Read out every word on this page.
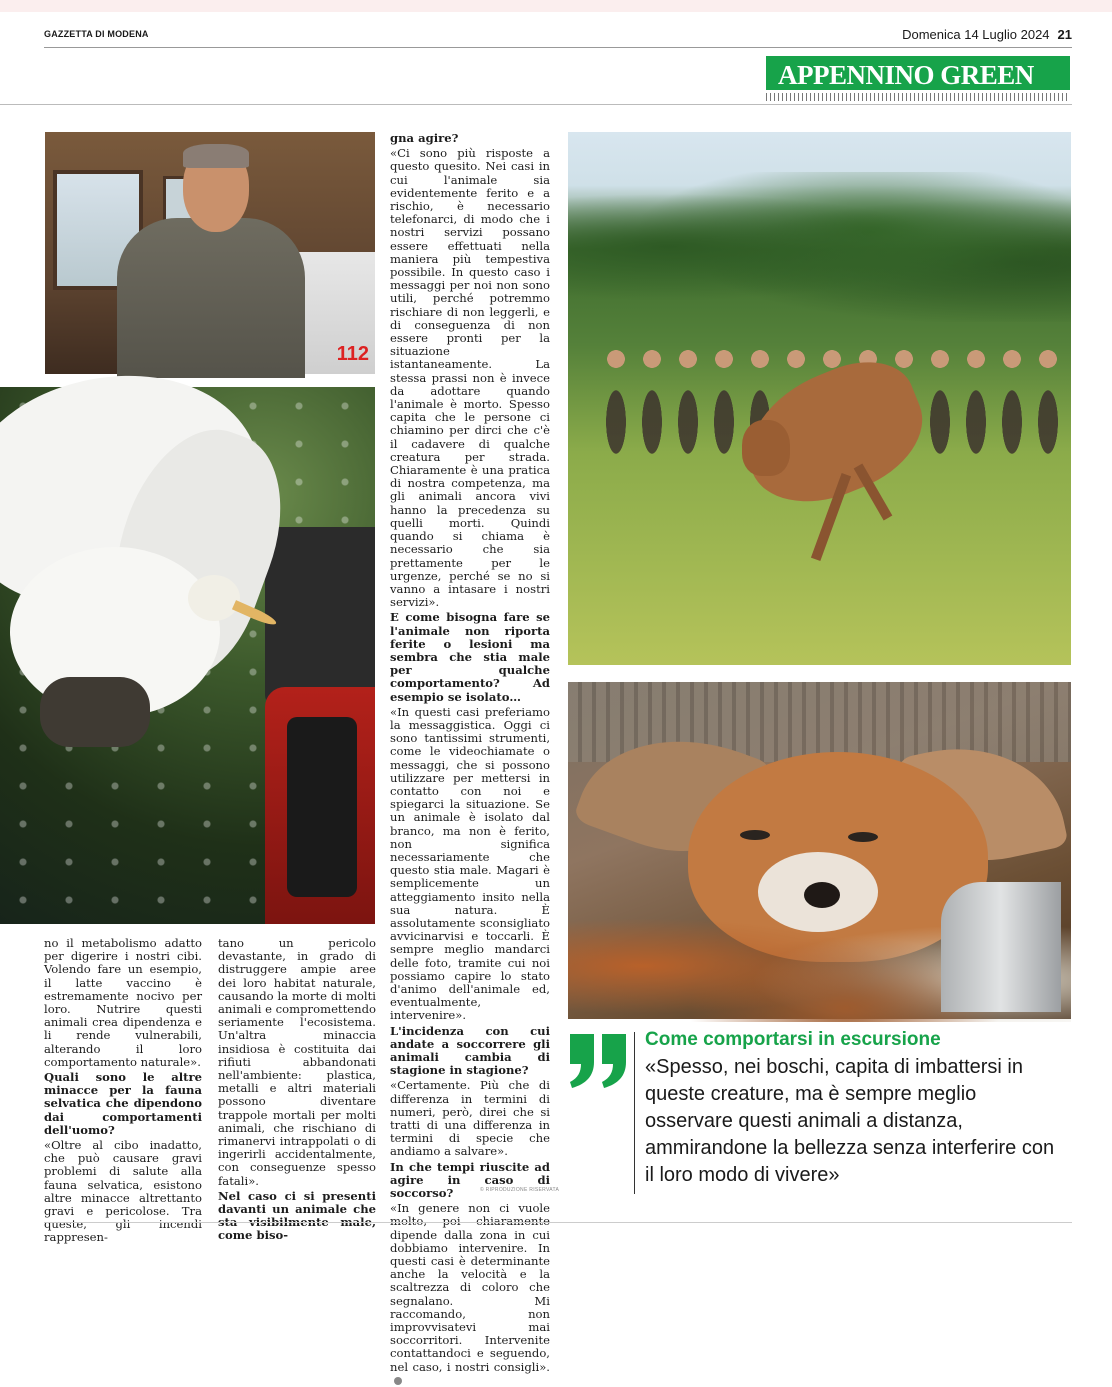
GAZZETTA DI MODENA	Domenica 14 Luglio 2024 21
APPENNINO GREEN
112

gna agire?

«Ci sono più risposte a questo quesito. Nei casi in cui l'animale sia evidentemente ferito e a rischio, è necessario telefonarci, di modo che i nostri servizi possano essere effettuati nella maniera più tempestiva possibile. In questo caso i messaggi per noi non sono utili, perché potremmo rischiare di non leggerli, e di conseguenza di non essere pronti per la situazione istantaneamente. La stessa prassi non è invece da adottare quando l'animale è morto. Spesso capita che le persone ci chiamino per dirci che c'è il cadavere di qualche creatura per strada. Chiaramente è una pratica di nostra competenza, ma gli animali ancora vivi hanno la precedenza su quelli morti. Quindi quando si chiama è necessario che sia prettamente per le urgenze, perché se no si vanno a intasare i nostri servizi».

E come bisogna fare se l'animale non riporta ferite o lesioni ma sembra che stia male per qualche comportamento? Ad esempio se isolato…

«In questi casi preferiamo la messaggistica. Oggi ci sono tantissimi strumenti, come le videochiamate o messaggi, che si possono utilizzare per mettersi in contatto con noi e spiegarci la situazione. Se un animale è isolato dal branco, ma non è ferito, non significa necessariamente che questo stia male. Magari è semplicemente un atteggiamento insito nella sua natura. È assolutamente sconsigliato avvicinarvisi e toccarli. È sempre meglio mandarci delle foto, tramite cui noi possiamo capire lo stato d'animo dell'animale ed, eventualmente, intervenire».

L'incidenza con cui andate a soccorrere gli animali cambia di stagione in stagione?

«Certamente. Più che di differenza in termini di numeri, però, direi che si tratti di una differenza in termini di specie che andiamo a salvare».

In che tempi riuscite ad agire in caso di soccorso?

«In genere non ci vuole molto, poi chiaramente dipende dalla zona in cui dobbiamo intervenire. In questi casi è determinante anche la velocità e la scaltrezza di coloro che segnalano. Mi raccomando, non improvvisatevi mai soccorritori. Intervenite contattandoci e seguendo, nel caso, i nostri consigli».

© RIPRODUZIONE RISERVATA

no il metabolismo adatto per digerire i nostri cibi. Volendo fare un esempio, il latte vaccino è estremamente nocivo per loro. Nutrire questi animali crea dipendenza e li rende vulnerabili, alterando il loro comportamento naturale».

Quali sono le altre minacce per la fauna selvatica che dipendono dai comportamenti dell'uomo?

«Oltre al cibo inadatto, che può causare gravi problemi di salute alla fauna selvatica, esistono altre minacce altrettanto gravi e pericolose. Tra queste, gli incendi rappresen-

tano un pericolo devastante, in grado di distruggere ampie aree dei loro habitat naturale, causando la morte di molti animali e compromettendo seriamente l'ecosistema. Un'altra minaccia insidiosa è costituita dai rifiuti abbandonati nell'ambiente: plastica, metalli e altri materiali possono diventare trappole mortali per molti animali, che rischiano di rimanervi intrappolati o di ingerirli accidentalmente, con conseguenze spesso fatali».

Nel caso ci si presenti davanti un animale che sta visibilmente male, come biso-

Come comportarsi in escursione
«Spesso, nei boschi, capita di imbattersi in queste creature, ma è sempre meglio osservare questi animali a distanza, ammirandone la bellezza senza interferire con il loro modo di vivere»
